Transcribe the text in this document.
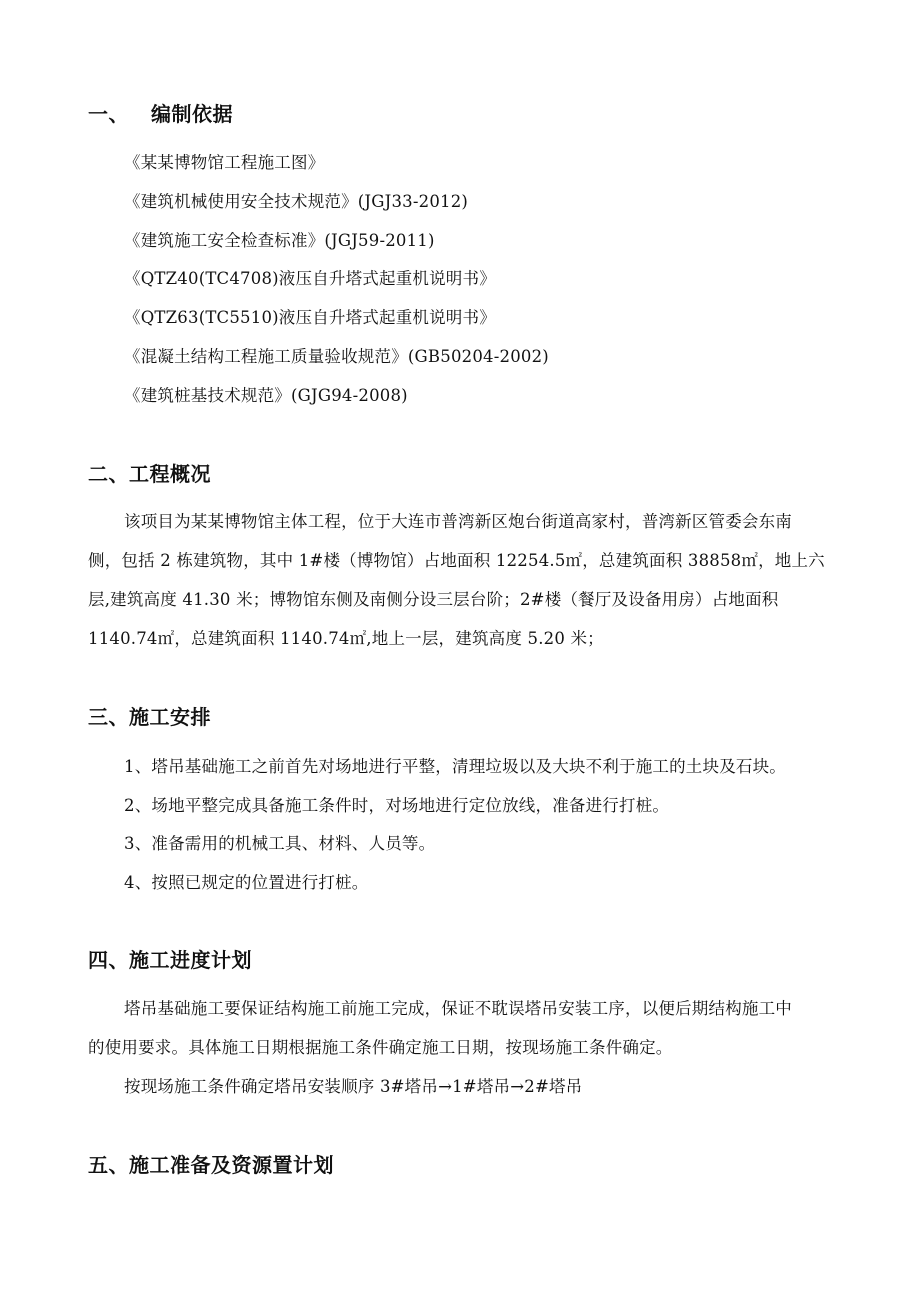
一、 编制依据
《某某博物馆工程施工图》
《建筑机械使用安全技术规范》(JGJ33-2012)
《建筑施工安全检查标准》(JGJ59-2011)
《QTZ40(TC4708)液压自升塔式起重机说明书》
《QTZ63(TC5510)液压自升塔式起重机说明书》
《混凝土结构工程施工质量验收规范》(GB50204-2002)
《建筑桩基技术规范》(GJG94-2008)
二、工程概况
该项目为某某博物馆主体工程，位于大连市普湾新区炮台街道高家村，普湾新区管委会东南
侧，包括 2 栋建筑物，其中 1#楼（博物馆）占地面积 12254.5㎡，总建筑面积 38858㎡，地上六
层,建筑高度 41.30 米；博物馆东侧及南侧分设三层台阶；2#楼（餐厅及设备用房）占地面积
1140.74㎡，总建筑面积 1140.74㎡,地上一层，建筑高度 5.20 米；
三、施工安排
1、塔吊基础施工之前首先对场地进行平整，清理垃圾以及大块不利于施工的土块及石块。
2、场地平整完成具备施工条件时，对场地进行定位放线，准备进行打桩。
3、准备需用的机械工具、材料、人员等。
4、按照已规定的位置进行打桩。
四、施工进度计划
塔吊基础施工要保证结构施工前施工完成，保证不耽误塔吊安装工序，以便后期结构施工中
的使用要求。具体施工日期根据施工条件确定施工日期，按现场施工条件确定。
按现场施工条件确定塔吊安装顺序 3#塔吊→1#塔吊→2#塔吊
五、施工准备及资源置计划
